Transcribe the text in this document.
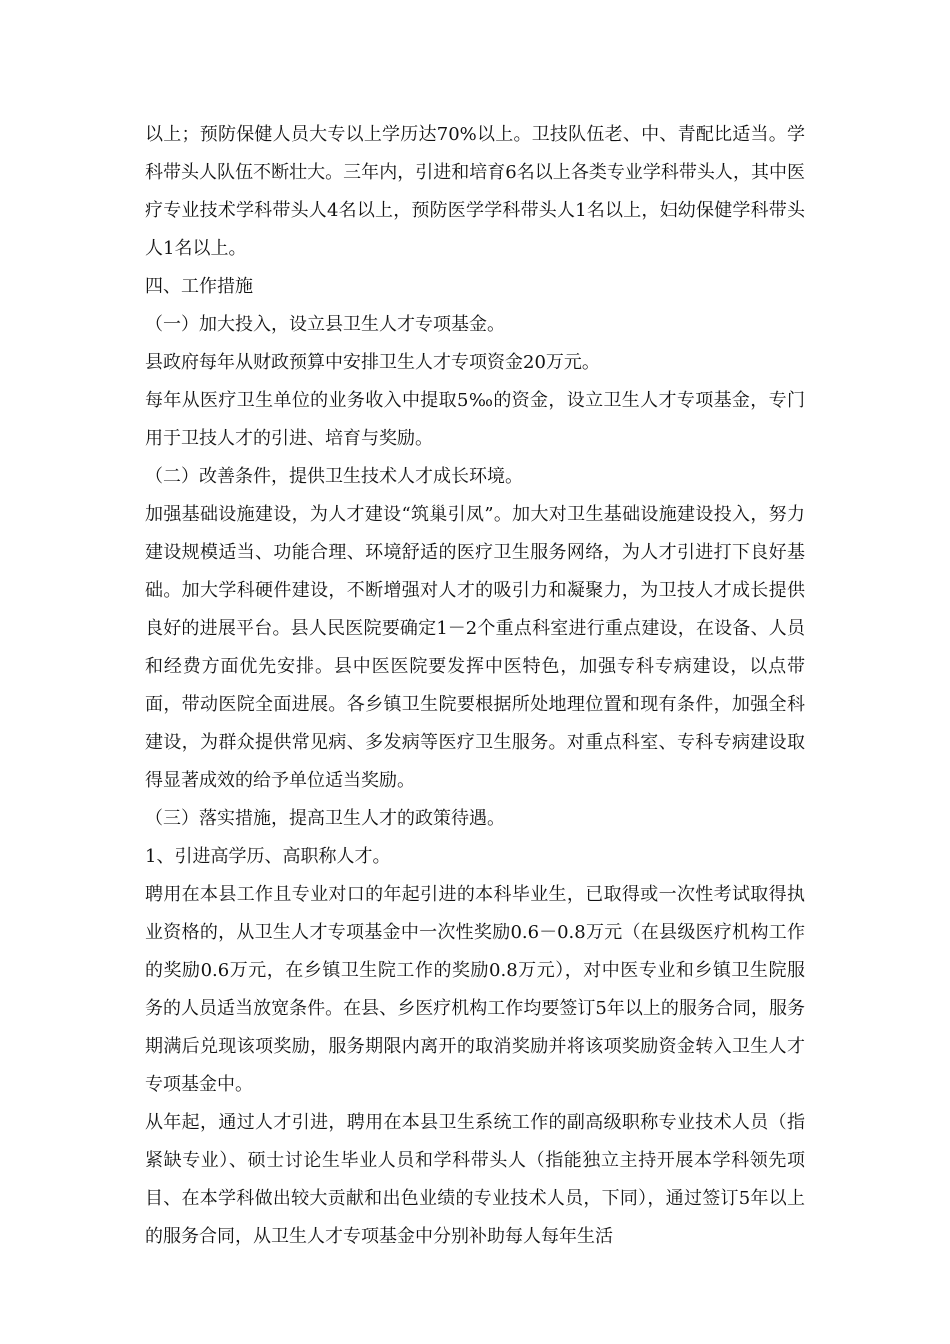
以上；预防保健人员大专以上学历达70%以上。卫技队伍老、中、青配比适当。学科带头人队伍不断壮大。三年内，引进和培育6名以上各类专业学科带头人，其中医疗专业技术学科带头人4名以上，预防医学学科带头人1名以上，妇幼保健学科带头人1名以上。

四、工作措施

（一）加大投入，设立县卫生人才专项基金。

县政府每年从财政预算中安排卫生人才专项资金20万元。

每年从医疗卫生单位的业务收入中提取5‰的资金，设立卫生人才专项基金，专门用于卫技人才的引进、培育与奖励。

（二）改善条件，提供卫生技术人才成长环境。

加强基础设施建设，为人才建设“筑巢引凤”。加大对卫生基础设施建设投入，努力建设规模适当、功能合理、环境舒适的医疗卫生服务网络，为人才引进打下良好基础。加大学科硬件建设，不断增强对人才的吸引力和凝聚力，为卫技人才成长提供良好的进展平台。县人民医院要确定1－2个重点科室进行重点建设，在设备、人员和经费方面优先安排。县中医医院要发挥中医特色，加强专科专病建设，以点带面，带动医院全面进展。各乡镇卫生院要根据所处地理位置和现有条件，加强全科建设，为群众提供常见病、多发病等医疗卫生服务。对重点科室、专科专病建设取得显著成效的给予单位适当奖励。

（三）落实措施，提高卫生人才的政策待遇。

1、引进高学历、高职称人才。

聘用在本县工作且专业对口的年起引进的本科毕业生，已取得或一次性考试取得执业资格的，从卫生人才专项基金中一次性奖励0.6－0.8万元（在县级医疗机构工作的奖励0.6万元，在乡镇卫生院工作的奖励0.8万元），对中医专业和乡镇卫生院服务的人员适当放宽条件。在县、乡医疗机构工作均要签订5年以上的服务合同，服务期满后兑现该项奖励，服务期限内离开的取消奖励并将该项奖励资金转入卫生人才专项基金中。

从年起，通过人才引进，聘用在本县卫生系统工作的副高级职称专业技术人员（指紧缺专业）、硕士讨论生毕业人员和学科带头人（指能独立主持开展本学科领先项目、在本学科做出较大贡献和出色业绩的专业技术人员，下同），通过签订5年以上的服务合同，从卫生人才专项基金中分别补助每人每年生活
